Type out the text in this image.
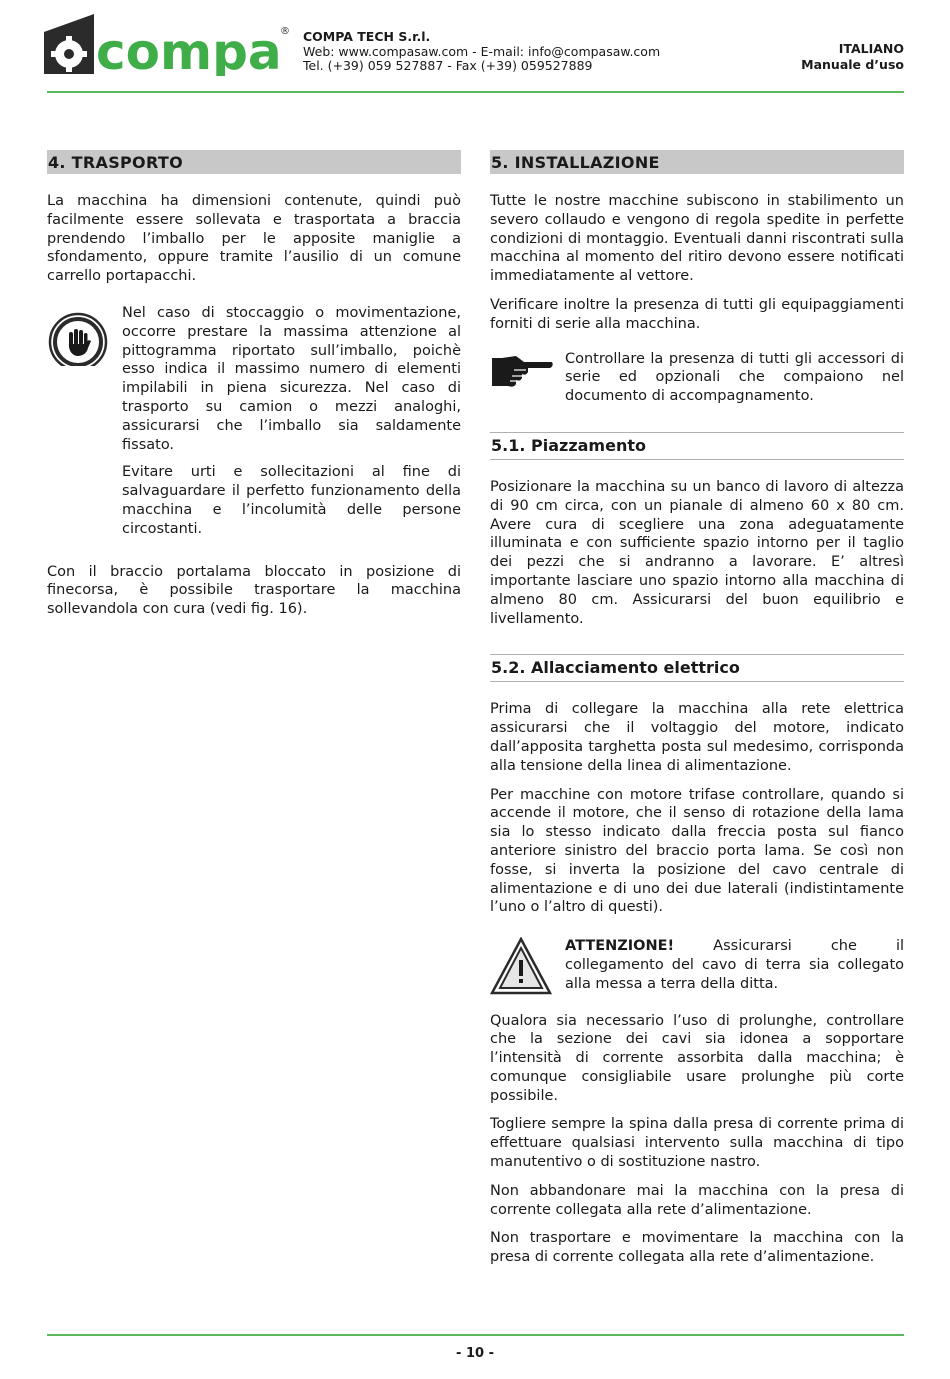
compa
® COMPA TECH S.r.l.
Web: www.compasaw.com - E-mail: info@compasaw.com
Tel. (+39) 059 527887 - Fax (+39) 059527889
ITALIANO
Manuale d’uso
4. TRASPORTO

La macchina ha dimensioni contenute, quindi può facilmente essere sollevata e trasportata a braccia prendendo l’imballo per le apposite maniglie a sfondamento, oppure tramite l’ausilio di un comune carrello portapacchi.

Nel caso di stoccaggio o movimentazione, occorre prestare la massima attenzione al pittogramma riportato sull’imballo, poichè esso indica il massimo numero di elementi impilabili in piena sicurezza. Nel caso di trasporto su camion o mezzi analoghi, assicurarsi che l’imballo sia saldamente fissato.

Evitare urti e sollecitazioni al fine di salvaguardare il perfetto funzionamento della macchina e l’incolumità delle persone circostanti.

Con il braccio portalama bloccato in posizione di finecorsa, è possibile trasportare la macchina sollevandola con cura (vedi fig. 16).

5. INSTALLAZIONE

Tutte le nostre macchine subiscono in stabilimento un severo collaudo e vengono di regola spedite in perfette condizioni di montaggio. Eventuali danni riscontrati sulla macchina al momento del ritiro devono essere notificati immediatamente al vettore.

Verificare inoltre la presenza di tutti gli equipaggiamenti forniti di serie alla macchina.

Controllare la presenza di tutti gli accessori di serie ed opzionali che compaiono nel documento di accompagnamento.

5.1. Piazzamento

Posizionare la macchina su un banco di lavoro di altezza di 90 cm circa, con un pianale di almeno 60 x 80 cm. Avere cura di scegliere una zona adeguatamente illuminata e con sufficiente spazio intorno per il taglio dei pezzi che si andranno a lavorare. E’ altresì importante lasciare uno spazio intorno alla macchina di almeno 80 cm. Assicurarsi del buon equilibrio e livellamento.

5.2. Allacciamento elettrico

Prima di collegare la macchina alla rete elettrica assicurarsi che il voltaggio del motore, indicato dall’apposita targhetta posta sul medesimo, corrisponda alla tensione della linea di alimentazione.

Per macchine con motore trifase controllare, quando si accende il motore, che il senso di rotazione della lama sia lo stesso indicato dalla freccia posta sul fianco anteriore sinistro del braccio porta lama. Se così non fosse, si inverta la posizione del cavo centrale di alimentazione e di uno dei due laterali (indistintamente l’uno o l’altro di questi).

ATTENZIONE! Assicurarsi che il collegamento del cavo di terra sia collegato alla messa a terra della ditta.

Qualora sia necessario l’uso di prolunghe, controllare che la sezione dei cavi sia idonea a sopportare l’intensità di corrente assorbita dalla macchina; è comunque consigliabile usare prolunghe più corte possibile.

Togliere sempre la spina dalla presa di corrente prima di effettuare qualsiasi intervento sulla macchina di tipo manutentivo o di sostituzione nastro.

Non abbandonare mai la macchina con la presa di corrente collegata alla rete d’alimentazione.

Non trasportare e movimentare la macchina con la presa di corrente collegata alla rete d’alimentazione.

- 10 -
